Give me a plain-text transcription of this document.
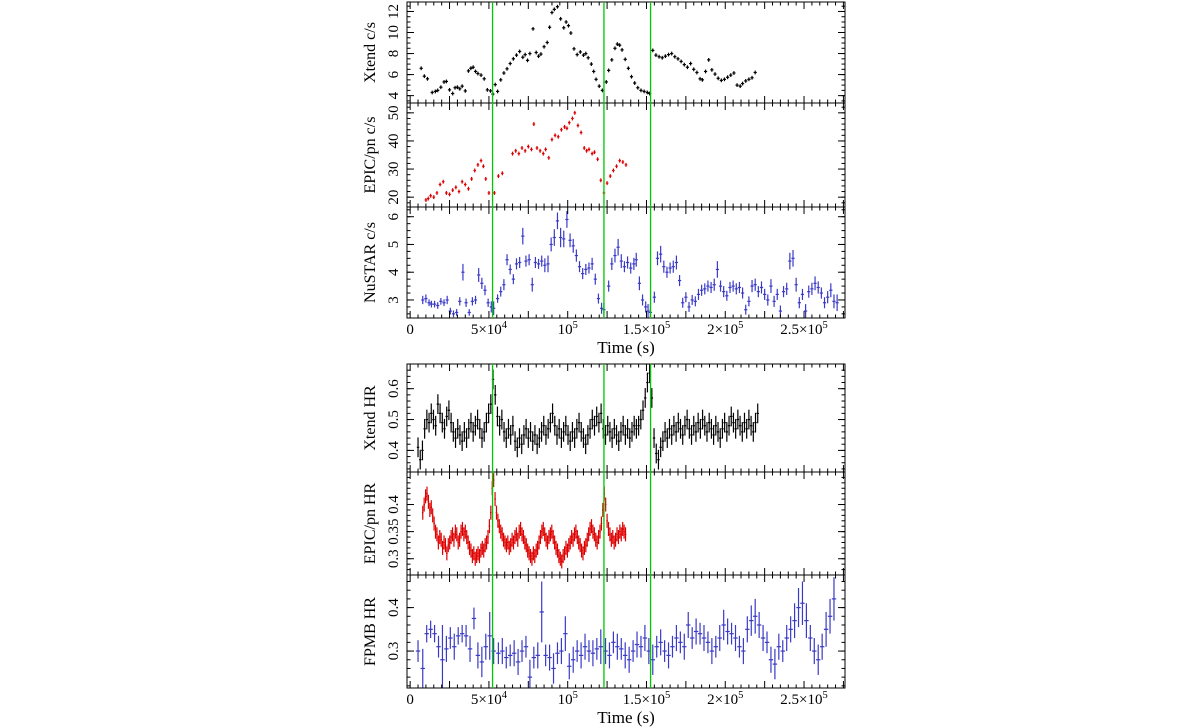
4
6
8
10
12
Xtend c/s
20
30
40
50
EPIC/pn c/s
3
4
5
6
NuSTAR c/s
0	$5\times 10^4$	$10^5$	$1.5\times 10^5$ $2\times 10^5$ $2.5\times 10^5$
Time (s)
0.4
0.5
0.6
Xtend HR
0.3
0.35
0.4
EPIC/pn HR
0.3
0.4
FPMB HR
0	$5\times 10^4$	$10^5$	$1.5\times 10^5$ $2\times 10^5$ $2.5\times 10^5$
Time (s)
